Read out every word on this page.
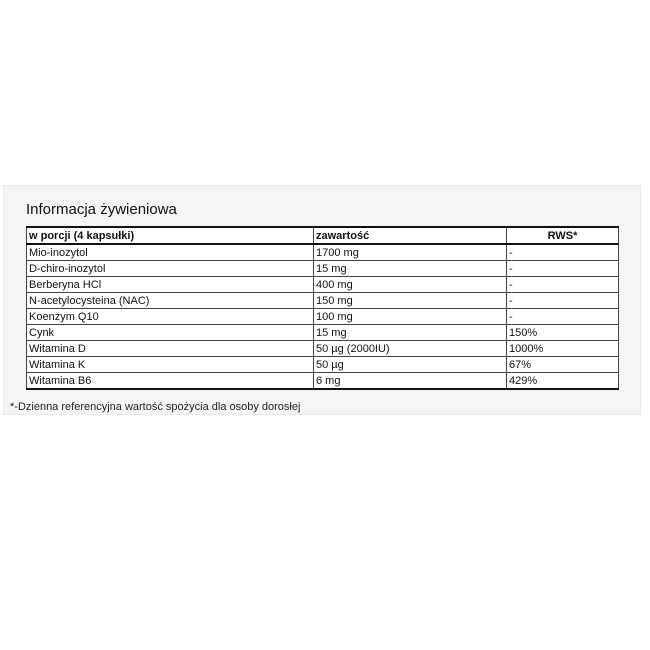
Informacja żywieniowa
w porcji (4 kapsułki)	zawartość	RWS*
Mio-inozytol	1700 mg	-
D-chiro-inozytol	15 mg	-
Berberyna HCl	400 mg	-
N-acetylocysteina (NAC)	150 mg	-
Koenzym Q10	100 mg	-
Cynk	15 mg	150%
Witamina D	50 µg (2000IU)	1000%
Witamina K	50 µg	67%
Witamina B6	6 mg	429%
*-Dzienna referencyjna wartość spożycia dla osoby dorosłej
